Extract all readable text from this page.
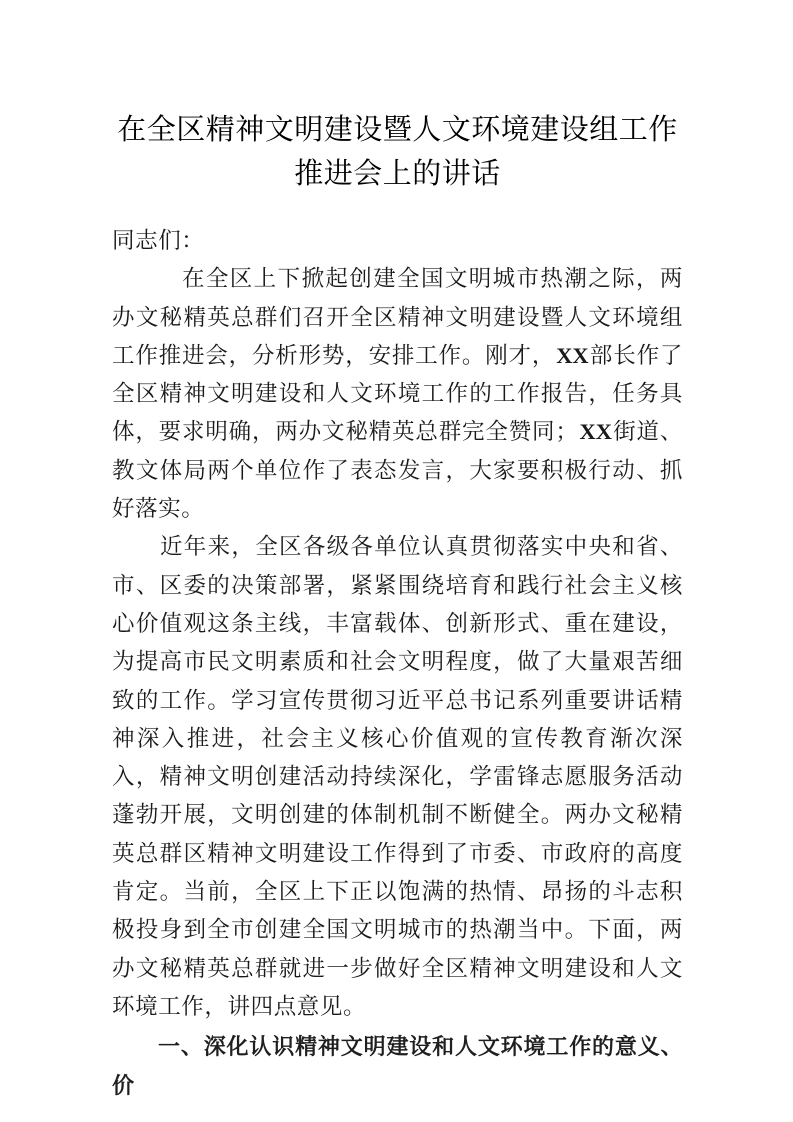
在全区精神文明建设暨人文环境建设组工作
推进会上的讲话

同志们：

在全区上下掀起创建全国文明城市热潮之际，两办文秘精英总群们召开全区精神文明建设暨人文环境组工作推进会，分析形势，安排工作。刚才，XX部长作了全区精神文明建设和人文环境工作的工作报告，任务具体，要求明确，两办文秘精英总群完全赞同；XX街道、教文体局两个单位作了表态发言，大家要积极行动、抓好落实。

近年来，全区各级各单位认真贯彻落实中央和省、市、区委的决策部署，紧紧围绕培育和践行社会主义核心价值观这条主线，丰富载体、创新形式、重在建设，为提高市民文明素质和社会文明程度，做了大量艰苦细致的工作。学习宣传贯彻习近平总书记系列重要讲话精神深入推进，社会主义核心价值观的宣传教育渐次深入，精神文明创建活动持续深化，学雷锋志愿服务活动蓬勃开展，文明创建的体制机制不断健全。两办文秘精英总群区精神文明建设工作得到了市委、市政府的高度肯定。当前，全区上下正以饱满的热情、昂扬的斗志积极投身到全市创建全国文明城市的热潮当中。下面，两办文秘精英总群就进一步做好全区精神文明建设和人文环境工作，讲四点意见。

一、深化认识精神文明建设和人文环境工作的意义、价
